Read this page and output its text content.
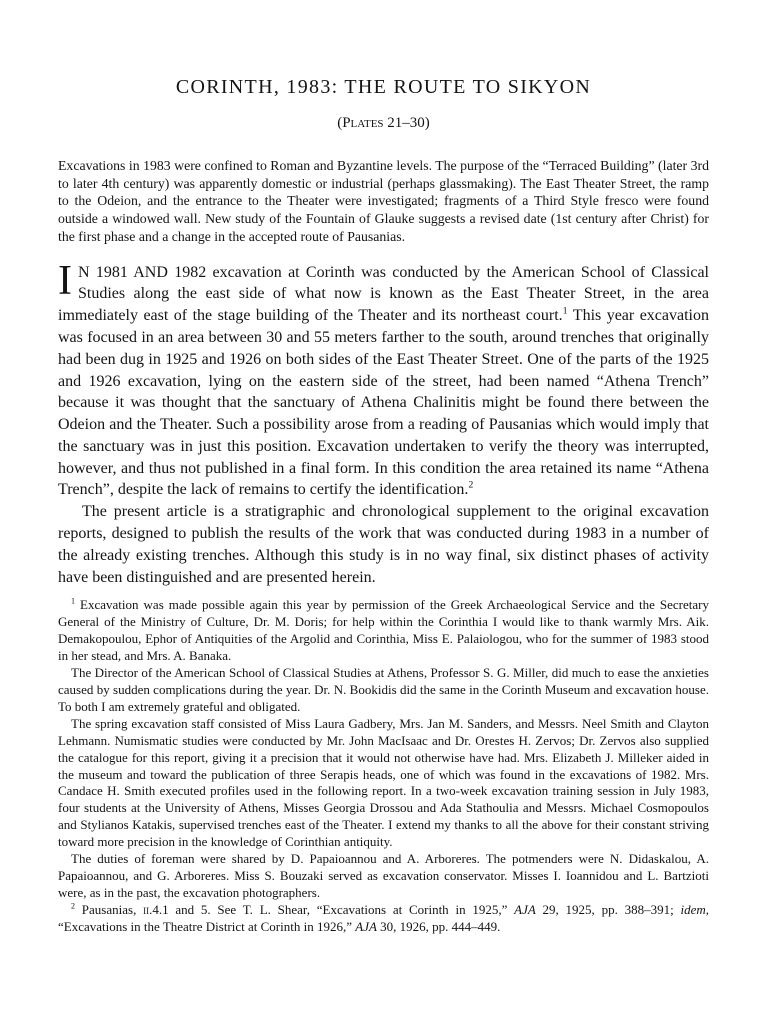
CORINTH, 1983: THE ROUTE TO SIKYON

(Plates 21–30)

Excavations in 1983 were confined to Roman and Byzantine levels. The purpose of the “Terraced Building” (later 3rd to later 4th century) was apparently domestic or industrial (perhaps glassmaking). The East Theater Street, the ramp to the Odeion, and the entrance to the Theater were investigated; fragments of a Third Style fresco were found outside a windowed wall. New study of the Fountain of Glauke suggests a revised date (1st century after Christ) for the first phase and a change in the accepted route of Pausanias.

I N 1981 AND 1982 excavation at Corinth was conducted by the American School of Classical Studies along the east side of what now is known as the East Theater Street, in the area immediately east of the stage building of the Theater and its northeast court.$^1$ This year excavation was focused in an area between 30 and 55 meters farther to the south, around trenches that originally had been dug in 1925 and 1926 on both sides of the East Theater Street. One of the parts of the 1925 and 1926 excavation, lying on the eastern side of the street, had been named “Athena Trench” because it was thought that the sanctuary of Athena Chalinitis might be found there between the Odeion and the Theater. Such a possibility arose from a reading of Pausanias which would imply that the sanctuary was in just this position. Excavation undertaken to verify the theory was interrupted, however, and thus not published in a final form. In this condition the area retained its name “Athena Trench”, despite the lack of remains to certify the identification.$^2$

The present article is a stratigraphic and chronological supplement to the original excavation reports, designed to publish the results of the work that was conducted during 1983 in a number of the already existing trenches. Although this study is in no way final, six distinct phases of activity have been distinguished and are presented herein.

$^1$ Excavation was made possible again this year by permission of the Greek Archaeological Service and the Secretary General of the Ministry of Culture, Dr. M. Doris; for help within the Corinthia I would like to thank warmly Mrs. Aik. Demakopoulou, Ephor of Antiquities of the Argolid and Corinthia, Miss E. Palaiologou, who for the summer of 1983 stood in her stead, and Mrs. A. Banaka.

The Director of the American School of Classical Studies at Athens, Professor S. G. Miller, did much to ease the anxieties caused by sudden complications during the year. Dr. N. Bookidis did the same in the Corinth Museum and excavation house. To both I am extremely grateful and obligated.

The spring excavation staff consisted of Miss Laura Gadbery, Mrs. Jan M. Sanders, and Messrs. Neel Smith and Clayton Lehmann. Numismatic studies were conducted by Mr. John MacIsaac and Dr. Orestes H. Zervos; Dr. Zervos also supplied the catalogue for this report, giving it a precision that it would not otherwise have had. Mrs. Elizabeth J. Milleker aided in the museum and toward the publication of three Serapis heads, one of which was found in the excavations of 1982. Mrs. Candace H. Smith executed profiles used in the following report. In a two-week excavation training session in July 1983, four students at the University of Athens, Misses Georgia Drossou and Ada Stathoulia and Messrs. Michael Cosmopoulos and Stylianos Katakis, supervised trenches east of the Theater. I extend my thanks to all the above for their constant striving toward more precision in the knowledge of Corinthian antiquity.

The duties of foreman were shared by D. Papaioannou and A. Arboreres. The potmenders were N. Didaskalou, A. Papaioannou, and G. Arboreres. Miss S. Bouzaki served as excavation conservator. Misses I. Ioannidou and L. Bartzioti were, as in the past, the excavation photographers.

$^2$ Pausanias, ii.4.1 and 5. See T. L. Shear, “Excavations at Corinth in 1925,” AJA 29, 1925, pp. 388–391; idem, “Excavations in the Theatre District at Corinth in 1926,” AJA 30, 1926, pp. 444–449.
